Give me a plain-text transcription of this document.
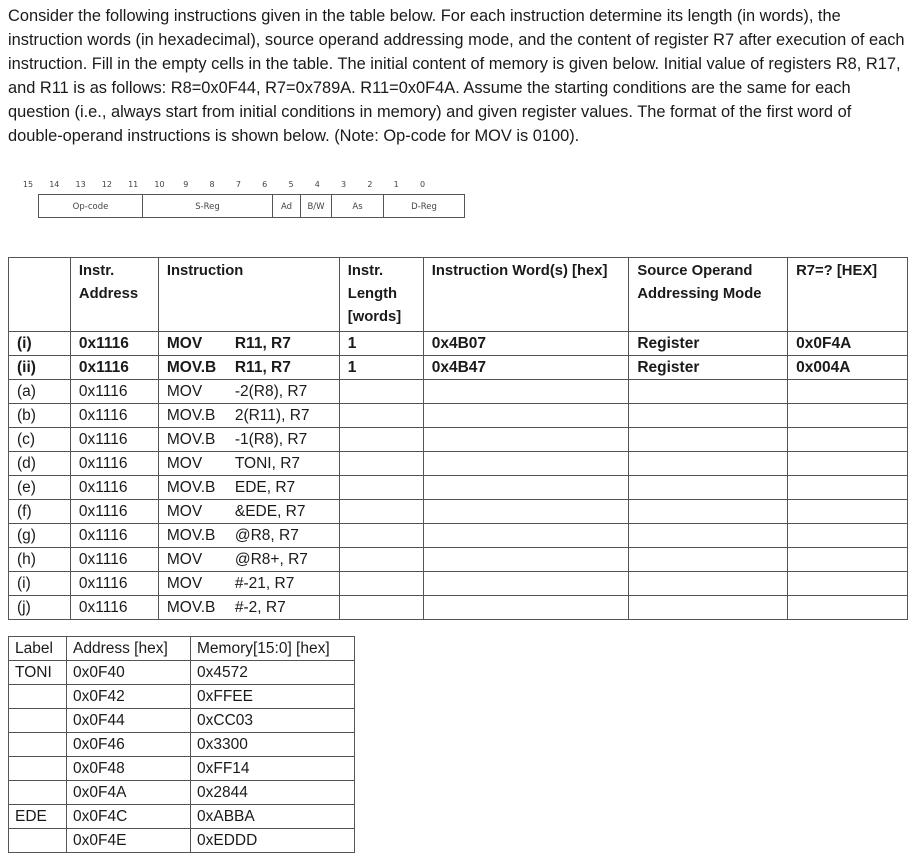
Consider the following instructions given in the table below. For each instruction determine its length (in words), the instruction words (in hexadecimal), source operand addressing mode, and the content of register R7 after execution of each instruction. Fill in the empty cells in the table. The initial content of memory is given below. Initial value of registers R8, R17, and R11 is as follows: R8=0x0F44, R7=0x789A. R11=0x0F4A. Assume the starting conditions are the same for each question (i.e., always start from initial conditions in memory) and given register values. The format of the first word of double-operand instructions is shown below. (Note: Op-code for MOV is 0100).

15	14	13	12	11	10	9	8	7	6	5	4	3	2	1	0
Op-code	S-Reg	Ad	B/W	As	D-Reg
	Instr. Address	Instruction	Instr. Length [words]	Instruction Word(s) [hex]	Source Operand Addressing Mode	R7=? [HEX]
(i)	0x1116	MOV R11, R7	1	0x4B07	Register	0x0F4A
(ii)	0x1116	MOV.B R11, R7	1	0x4B47	Register	0x004A
(a)	0x1116	MOV -2(R8), R7				
(b)	0x1116	MOV.B 2(R11), R7				
(c)	0x1116	MOV.B -1(R8), R7				
(d)	0x1116	MOV TONI, R7				
(e)	0x1116	MOV.B EDE, R7				
(f)	0x1116	MOV &EDE, R7				
(g)	0x1116	MOV.B @R8, R7				
(h)	0x1116	MOV @R8+, R7				
(i)	0x1116	MOV #-21, R7				
(j)	0x1116	MOV.B #-2, R7				
Label	Address [hex]	Memory[15:0] [hex]
TONI	0x0F40	0x4572
	0x0F42	0xFFEE
	0x0F44	0xCC03
	0x0F46	0x3300
	0x0F48	0xFF14
	0x0F4A	0x2844
EDE	0x0F4C	0xABBA
	0x0F4E	0xEDDD
